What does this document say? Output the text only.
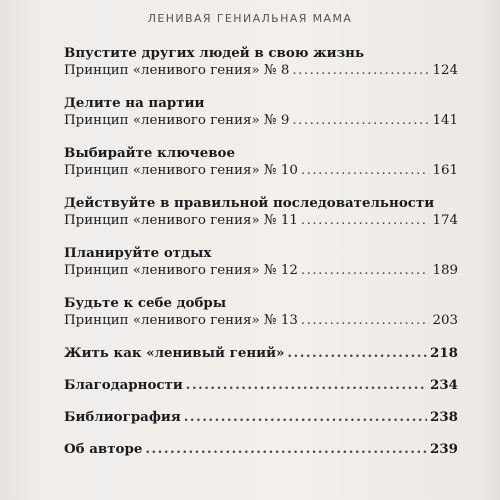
ЛЕНИВАЯ ГЕНИАЛЬНАЯ МАМА
Впустите других людей в свою жизнь
Принцип «ленивого гения» № 8 .....	124
Делите на партии
Принцип «ленивого гения» № 9 .....	141
Выбирайте ключевое
Принцип «ленивого гения» № 10 .....	161
Действуйте в правильной последовательности
Принцип «ленивого гения» № 11 .....	174
Планируйте отдых
Принцип «ленивого гения» № 12 .....	189
Будьте к себе добры
Принцип «ленивого гения» № 13 .....	203
Жить как «ленивый гений» .....	218
Благодарности .....	234
Библиография .....	238
Об авторе .....	239
